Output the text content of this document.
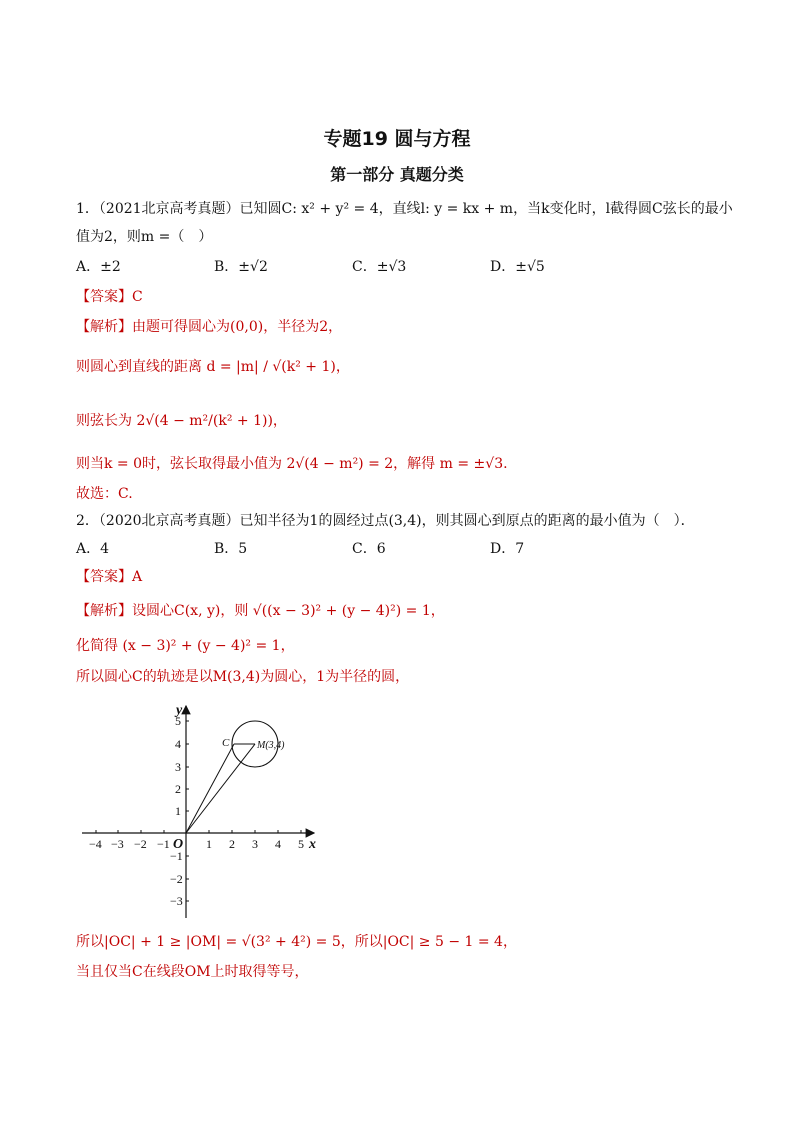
专题19 圆与方程
第一部分 真题分类
1．（2021北京高考真题）已知圆C: x² + y² = 4，直线l: y = kx + m，当k变化时，l截得圆C弦长的最小
值为2，则m =（　）
A．±2	B．±√2	C．±√3	D．±√5
【答案】C
【解析】由题可得圆心为(0,0)，半径为2，
则圆心到直线的距离 d = |m| / √(k² + 1)，
则弦长为 2√(4 − m²/(k² + 1))，
则当k = 0时，弦长取得最小值为 2√(4 − m²) = 2，解得 m = ±√3.
故选：C.
2．（2020北京高考真题）已知半径为1的圆经过点(3,4)，则其圆心到原点的距离的最小值为（　）．
A．4	B．5	C．6	D．7
【答案】A
【解析】设圆心C(x, y)，则 √((x − 3)² + (y − 4)²) = 1，
化简得 (x − 3)² + (y − 4)² = 1，
所以圆心C的轨迹是以M(3,4)为圆心，1为半径的圆，
−4 −3 −2 −1	1 2 3 4 5
5
4
3
2
1
−1
−2
−3
O	x
y
C	M(3,4)
所以|OC| + 1 ≥ |OM| = √(3² + 4²) = 5，所以|OC| ≥ 5 − 1 = 4，
当且仅当C在线段OM上时取得等号，
